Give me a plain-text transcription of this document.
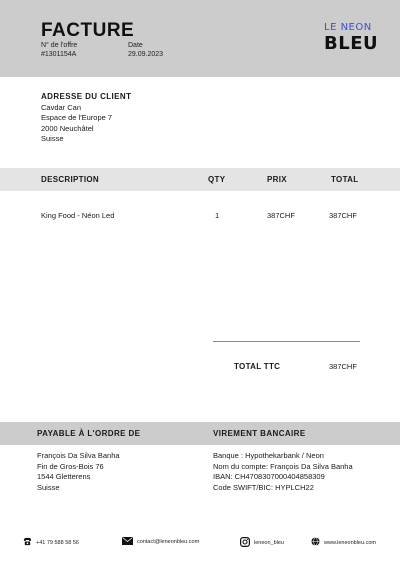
FACTURE
N° de l'offre
#1301154A
Date
29.09.2023
LE NEON
BLEU
ADRESSE DU CLIENT
Cavdar Can
Espace de l'Europe 7
2000 Neuchâtel
Suisse
DESCRIPTION	QTY	PRIX	TOTAL
King Food - Néon Led	1	387CHF	387CHF
TOTAL TTC	387CHF
PAYABLE À L'ORDRE DE	VIREMENT BANCAIRE
François Da Silva Banha
Fin de Gros-Bois 76
1544 Gletterens
Suisse
Banque : Hypothekarbank / Neon
Nom du compte: François Da Silva Banha
IBAN: CH4708307000404858309
Code SWIFT/BIC: HYPLCH22
+41 79 588 58 56	contact@leneonbleu.com	leneon_bleu	www.leneonbleu.com
